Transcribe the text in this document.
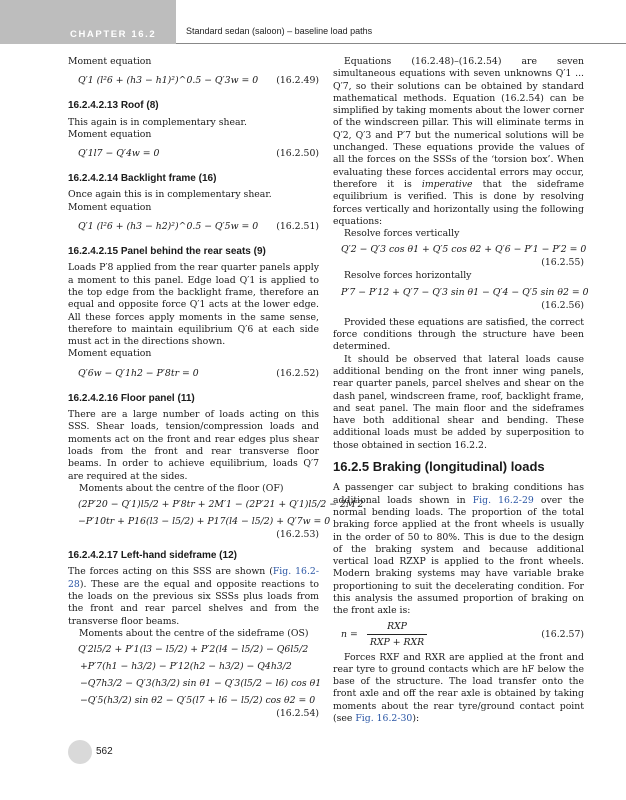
CHAPTER 16.2	Standard sedan (saloon) – baseline load paths

Moment equation

Q′1 (l²6 + (h3 − h1)²)^0.5 − Q′3w = 0 (16.2.49)
16.2.4.2.13 Roof (8)

This again is in complementary shear.

Moment equation

Q′1l7 − Q′4w = 0	(16.2.50)
16.2.4.2.14 Backlight frame (16)

Once again this is in complementary shear.

Moment equation

Q′1 (l²6 + (h3 − h2)²)^0.5 − Q′5w = 0 (16.2.51)
16.2.4.2.15 Panel behind the rear seats (9)

Loads P′8 applied from the rear quarter panels apply a moment to this panel. Edge load Q′1 is applied to the top edge from the backlight frame, therefore an equal and opposite force Q′1 acts at the lower edge. All these forces apply moments in the same sense, therefore to maintain equilibrium Q′6 at each side must act in the directions shown.

Moment equation

Q′6w − Q′1h2 − P′8tr = 0	(16.2.52)
16.2.4.2.16 Floor panel (11)

There are a large number of loads acting on this SSS. Shear loads, tension/compression loads and moments act on the front and rear edges plus shear loads from the front and rear transverse floor beams. In order to achieve equilibrium, loads Q′7 are required at the sides.

Moments about the centre of the floor (OF)

(2P′20 − Q′1)l5/2 + P′8tr + 2M′1 − (2P′21 + Q′1)l5/2 − 2M′2
−P′10tr + P16(l3 − l5/2) + P17(l4 − l5/2) + Q′7w = 0
(16.2.53)
16.2.4.2.17 Left-hand sideframe (12)

The forces acting on this SSS are shown (Fig. 16.2-28). These are the equal and opposite reactions to the loads on the previous six SSSs plus loads from the front and rear parcel shelves and from the transverse floor beams.

Moments about the centre of the sideframe (OS)

Q′2l5/2 + P′1(l3 − l5/2) + P′2(l4 − l5/2) − Q6l5/2
+P′7(h1 − h3/2) − P′12(h2 − h3/2) − Q4h3/2
−Q7h3/2 − Q′3(h3/2) sin θ1 − Q′3(l5/2 − l6) cos θ1
−Q′5(h3/2) sin θ2 − Q′5(l7 + l6 − l5/2) cos θ2 = 0
(16.2.54)

Equations (16.2.48)–(16.2.54) are seven simultaneous equations with seven unknowns Q′1 ... Q′7, so their solutions can be obtained by standard mathematical methods. Equation (16.2.54) can be simplified by taking moments about the lower corner of the windscreen pillar. This will eliminate terms in Q′2, Q′3 and P′7 but the numerical solutions will be unchanged. These equations provide the values of all the forces on the SSSs of the ‘torsion box’. When evaluating these forces accidental errors may occur, therefore it is imperative that the sideframe equilibrium is verified. This is done by resolving forces vertically and horizontally using the following equations:

Resolve forces vertically

Q′2 − Q′3 cos θ1 + Q′5 cos θ2 + Q′6 − P′1 − P′2 = 0
(16.2.55)

Resolve forces horizontally

P′7 − P′12 + Q′7 − Q′3 sin θ1 − Q′4 − Q′5 sin θ2 = 0
(16.2.56)

Provided these equations are satisfied, the correct force conditions through the structure have been determined.

It should be observed that lateral loads cause additional bending on the front inner wing panels, rear quarter panels, parcel shelves and shear on the dash panel, windscreen frame, roof, backlight frame, and seat panel. The main floor and the sideframes have both additional shear and bending. These additional loads must be added by superposition to those obtained in section 16.2.2.

16.2.5 Braking (longitudinal) loads

A passenger car subject to braking conditions has additional loads shown in Fig. 16.2-29 over the normal bending loads. The proportion of the total braking force applied at the front wheels is usually in the order of 50 to 80%. This is due to the design of the braking system and because additional vertical load RZXP is applied to the front wheels. Modern braking systems may have variable brake proportioning to suit the decelerating condition. For this analysis the assumed proportion of braking on the front axle is:

n =
RXP
RXP + RXR
(16.2.57)

Forces RXF and RXR are applied at the front and rear tyre to ground contacts which are hF below the base of the structure. The load transfer onto the front axle and off the rear axle is obtained by taking moments about the rear tyre/ground contact point (see Fig. 16.2-30):

562
